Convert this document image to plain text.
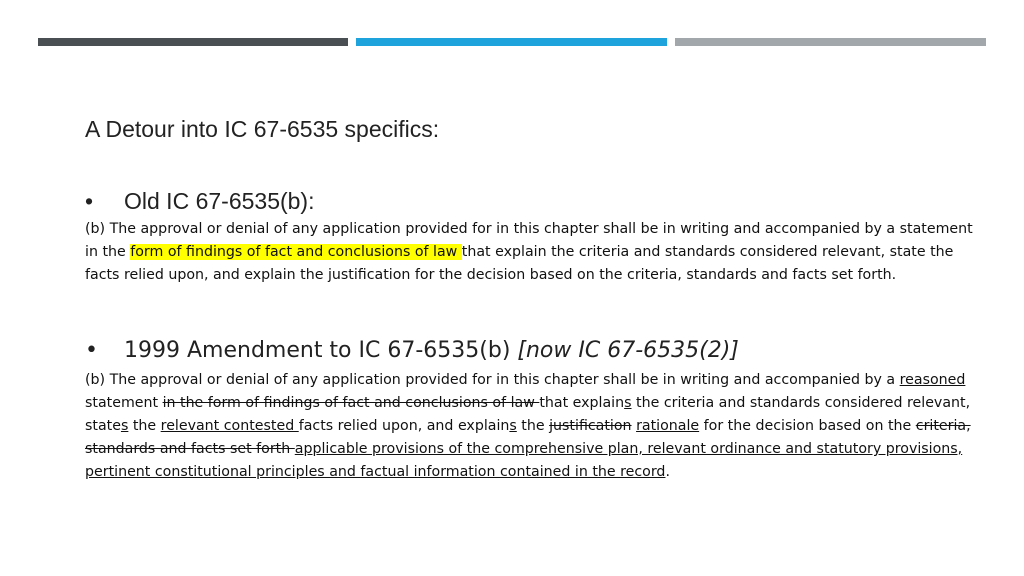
A Detour into IC 67-6535 specifics:
• Old IC 67-6535(b):
(b) The approval or denial of any application provided for in this chapter shall be in writing and accompanied by a statement in the form of findings of fact and conclusions of law that explain the criteria and standards considered relevant, state the facts relied upon, and explain the justification for the decision based on the criteria, standards and facts set forth.
• 1999 Amendment to IC 67-6535(b) [now IC 67-6535(2)]
(b) The approval or denial of any application provided for in this chapter shall be in writing and accompanied by a reasoned statement in the form of findings of fact and conclusions of law that explains the criteria and standards considered relevant, states the relevant contested facts relied upon, and explains the justification rationale for the decision based on the criteria, standards and facts set forth applicable provisions of the comprehensive plan, relevant ordinance and statutory provisions, pertinent constitutional principles and factual information contained in the record.
